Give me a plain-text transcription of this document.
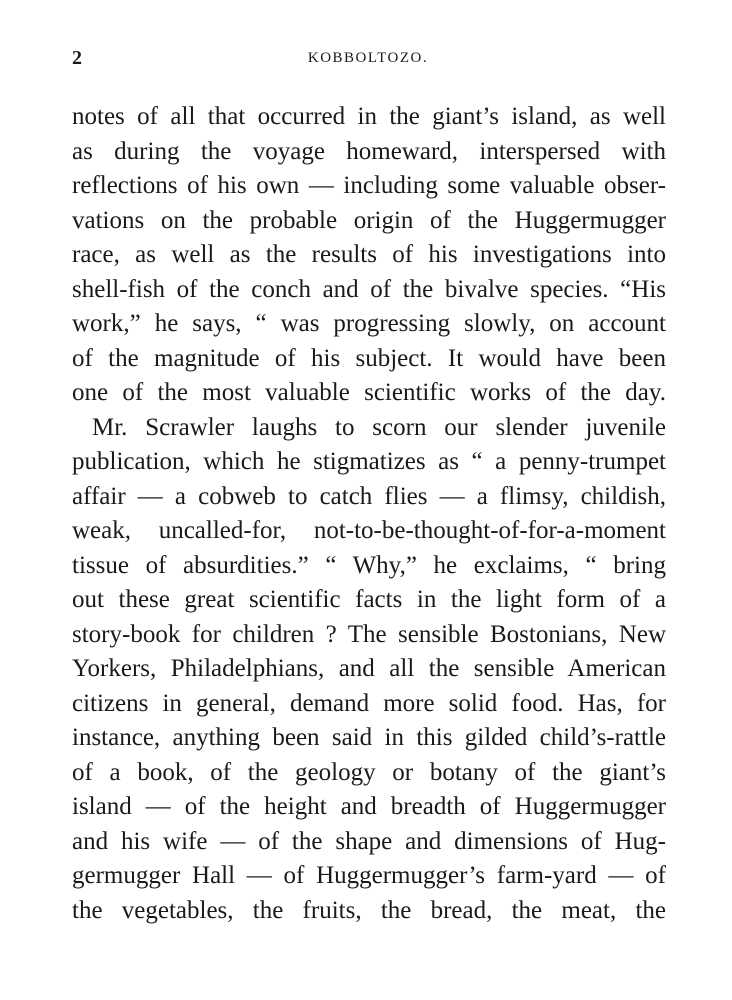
2	KOBBOLTOZO.
notes of all that occurred in the giant’s island, as well
as during the voyage homeward, interspersed with
reflections of his own — including some valuable obser-
vations on the probable origin of the Huggermugger
race, as well as the results of his investigations into
shell-fish of the conch and of the bivalve species. “His
work,” he says, “ was progressing slowly, on account
of the magnitude of his subject. It would have been
one of the most valuable scientific works of the day.
Mr. Scrawler laughs to scorn our slender juvenile
publication, which he stigmatizes as “ a penny-trumpet
affair — a cobweb to catch flies — a flimsy, childish,
weak, uncalled-for, not-to-be-thought-of-for-a-moment
tissue of absurdities.” “ Why,” he exclaims, “ bring
out these great scientific facts in the light form of a
story-book for children ? The sensible Bostonians, New
Yorkers, Philadelphians, and all the sensible American
citizens in general, demand more solid food. Has, for
instance, anything been said in this gilded child’s-rattle
of a book, of the geology or botany of the giant’s
island — of the height and breadth of Huggermugger
and his wife — of the shape and dimensions of Hug-
germugger Hall — of Huggermugger’s farm-yard — of
the vegetables, the fruits, the bread, the meat, the
